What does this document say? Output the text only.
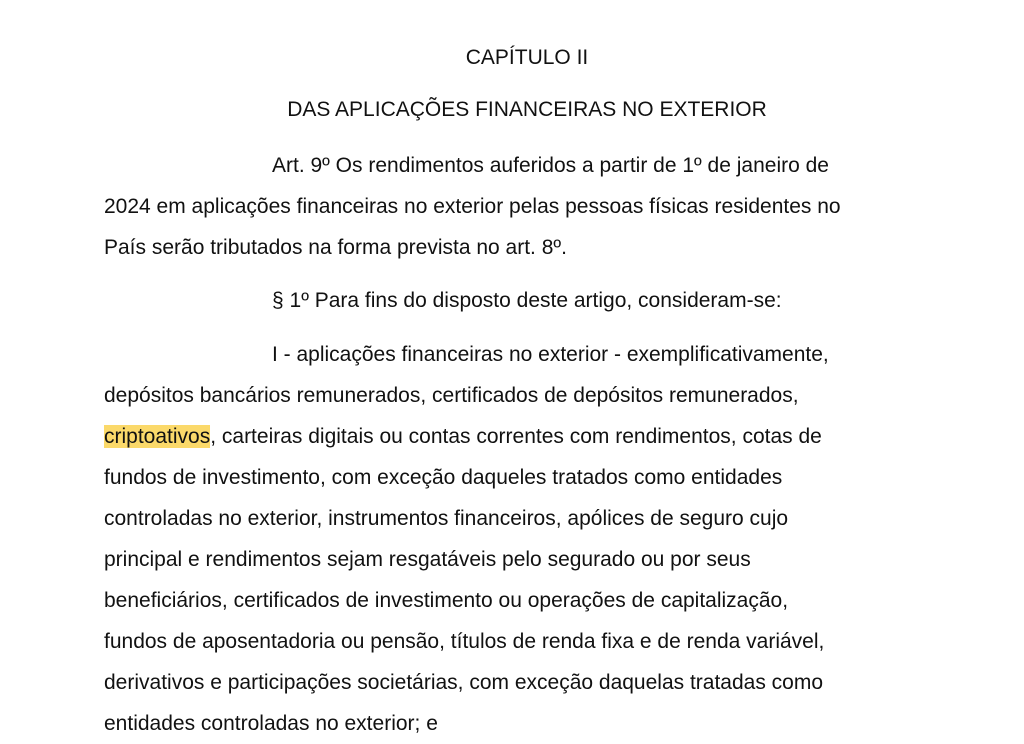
CAPÍTULO II
DAS APLICAÇÕES FINANCEIRAS NO EXTERIOR
Art. 9º Os rendimentos auferidos a partir de 1º de janeiro de
2024 em aplicações financeiras no exterior pelas pessoas físicas residentes no
País serão tributados na forma prevista no art. 8º.
§ 1º Para fins do disposto deste artigo, consideram-se:
I - aplicações financeiras no exterior - exemplificativamente,
depósitos bancários remunerados, certificados de depósitos remunerados,
criptoativos, carteiras digitais ou contas correntes com rendimentos, cotas de
fundos de investimento, com exceção daqueles tratados como entidades
controladas no exterior, instrumentos financeiros, apólices de seguro cujo
principal e rendimentos sejam resgatáveis pelo segurado ou por seus
beneficiários, certificados de investimento ou operações de capitalização,
fundos de aposentadoria ou pensão, títulos de renda fixa e de renda variável,
derivativos e participações societárias, com exceção daquelas tratadas como
entidades controladas no exterior; e
